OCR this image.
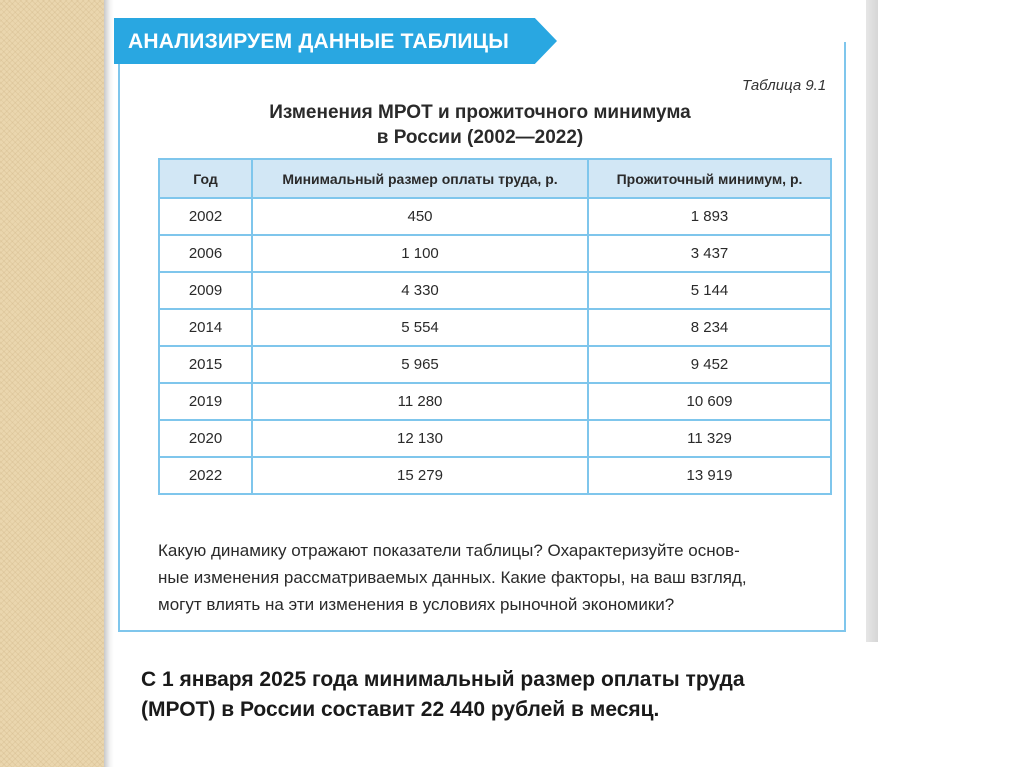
АНАЛИЗИРУЕМ ДАННЫЕ ТАБЛИЦЫ
Таблица 9.1
Изменения МРОТ и прожиточного минимума
в России (2002—2022)
Год	Минимальный размер оплаты труда, р.	Прожиточный минимум, р.
2002	450	1 893
2006	1 100	3 437
2009	4 330	5 144
2014	5 554	8 234
2015	5 965	9 452
2019	11 280	10 609
2020	12 130	11 329
2022	15 279	13 919
Какую динамику отражают показатели таблицы? Охарактеризуйте основ-
ные изменения рассматриваемых данных. Какие факторы, на ваш взгляд,
могут влиять на эти изменения в условиях рыночной экономики?
С 1 января 2025 года минимальный размер оплаты труда
(МРОТ) в России составит 22 440 рублей в месяц.
